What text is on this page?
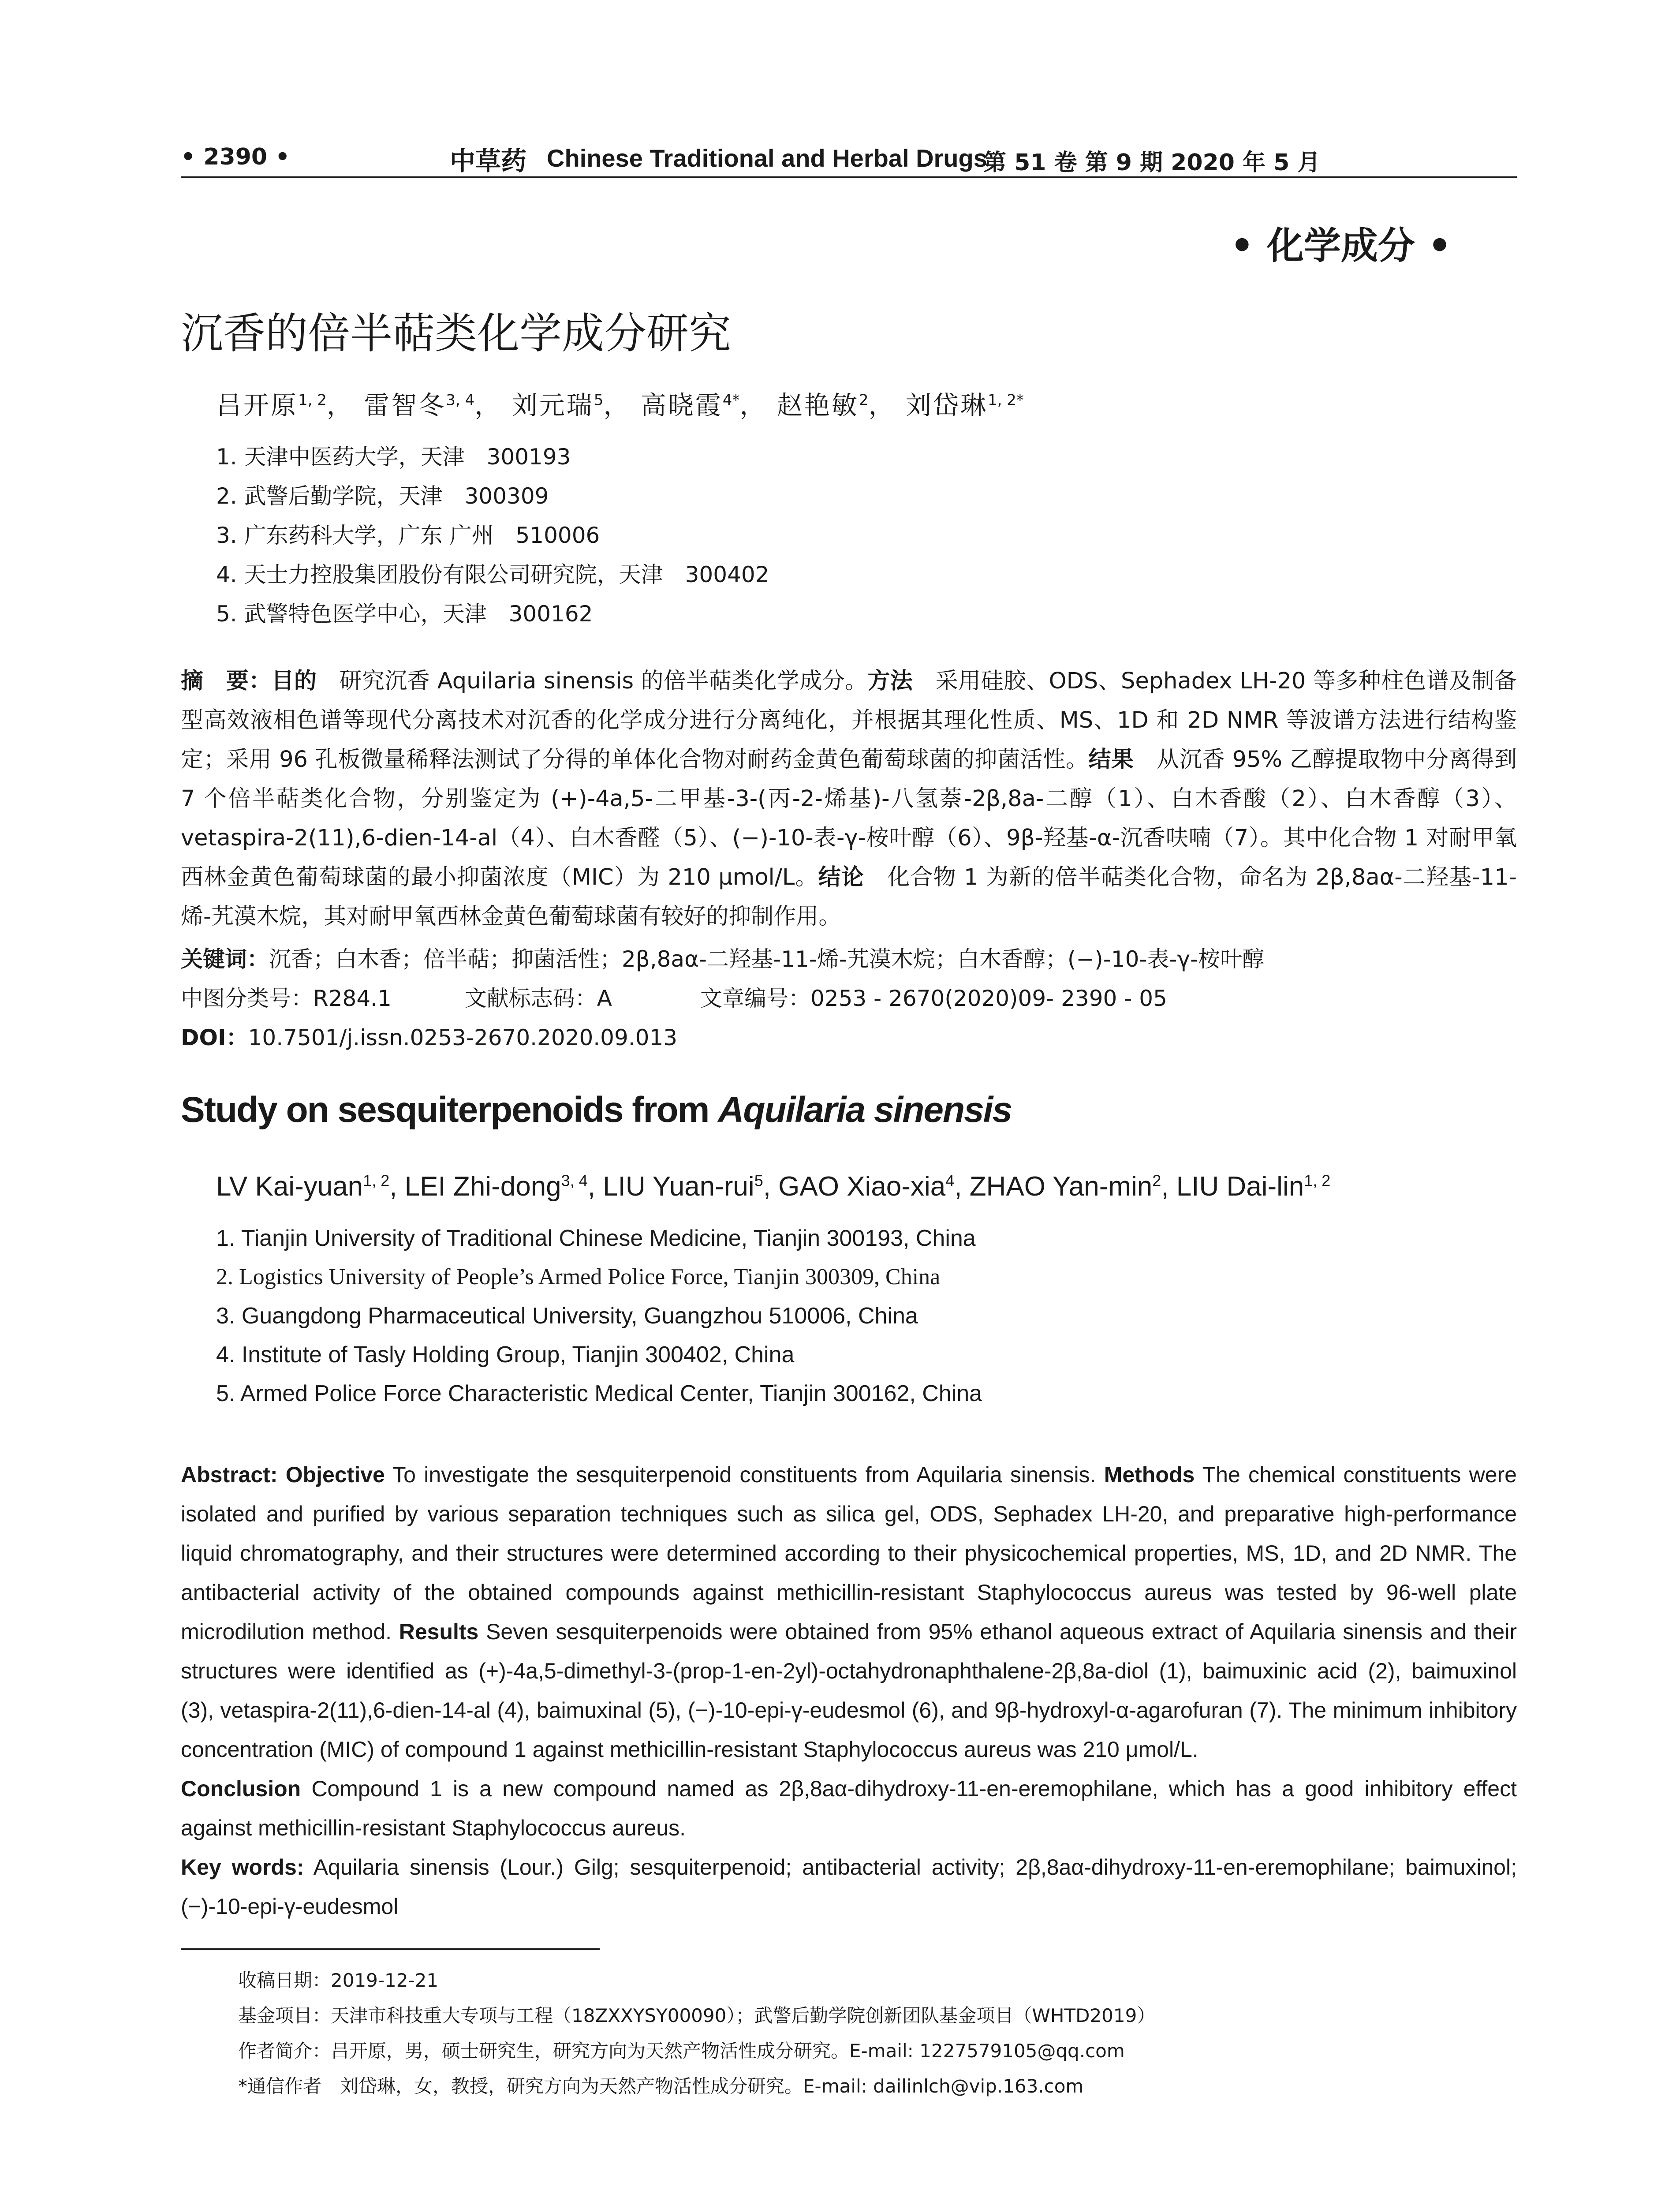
• 2390 •	中草药 Chinese Traditional and Herbal Drugs
第 51 卷 第 9 期 2020 年 5 月
• 化学成分 •
沉香的倍半萜类化学成分研究
吕开原$^{1, 2}$， 雷智冬$^{3, 4}$， 刘元瑞$^5$， 高晓霞$^{4*}$， 赵艳敏$^2$， 刘岱琳$^{1, 2*}$
1. 天津中医药大学，天津　300193
2. 武警后勤学院，天津　300309
3. 广东药科大学，广东 广州　510006
4. 天士力控股集团股份有限公司研究院，天津　300402
5. 武警特色医学中心，天津　300162
摘　要：目的　研究沉香 Aquilaria sinensis 的倍半萜类化学成分。方法　采用硅胶、ODS、Sephadex LH-20 等多种柱色谱及制备型高效液相色谱等现代分离技术对沉香的化学成分进行分离纯化，并根据其理化性质、MS、1D 和 2D NMR 等波谱方法进行结构鉴定；采用 96 孔板微量稀释法测试了分得的单体化合物对耐药金黄色葡萄球菌的抑菌活性。结果　从沉香 95% 乙醇提取物中分离得到 7 个倍半萜类化合物，分别鉴定为 (+)-4a,5-二甲基-3-(丙-2-烯基)-八氢萘-2β,8a-二醇（1）、白木香酸（2）、白木香醇（3）、vetaspira-2(11),6-dien-14-al（4）、白木香醛（5）、(−)-10-表-γ-桉叶醇（6）、9β-羟基-α-沉香呋喃（7）。其中化合物 1 对耐甲氧西林金黄色葡萄球菌的最小抑菌浓度（MIC）为 210 μmol/L。结论　化合物 1 为新的倍半萜类化合物，命名为 2β,8aα-二羟基-11-烯-艽漠木烷，其对耐甲氧西林金黄色葡萄球菌有较好的抑制作用。
关键词：沉香；白木香；倍半萜；抑菌活性；2β,8aα-二羟基-11-烯-艽漠木烷；白木香醇；(−)-10-表-γ-桉叶醇
中图分类号：R284.1　　　 文献标志码：A　　　　文章编号：0253 - 2670(2020)09- 2390 - 05
DOI：10.7501/j.issn.0253-2670.2020.09.013
Study on sesquiterpenoids from Aquilaria sinensis
LV Kai-yuan$^{1, 2}$, LEI Zhi-dong$^{3, 4}$, LIU Yuan-rui$^5$, GAO Xiao-xia$^4$, ZHAO Yan-$\min^2$, LIU Dai-lin$^{1, 2}$
1. Tianjin University of Traditional Chinese Medicine, Tianjin 300193, China
2. Logistics University of People’s Armed Police Force, Tianjin 300309, China
3. Guangdong Pharmaceutical University, Guangzhou 510006, China
4. Institute of Tasly Holding Group, Tianjin 300402, China
5. Armed Police Force Characteristic Medical Center, Tianjin 300162, China
Abstract: Objective To investigate the sesquiterpenoid constituents from Aquilaria sinensis. Methods The chemical constituents were isolated and purified by various separation techniques such as silica gel, ODS, Sephadex LH-20, and preparative high-performance liquid chromatography, and their structures were determined according to their physicochemical properties, MS, 1D, and 2D NMR. The antibacterial activity of the obtained compounds against methicillin-resistant Staphylococcus aureus was tested by 96-well plate microdilution method. Results Seven sesquiterpenoids were obtained from 95% ethanol aqueous extract of Aquilaria sinensis and their structures were identified as (+)-4a,5-dimethyl-3-(prop-1-en-2yl)-octahydronaphthalene-2β,8a-diol (1), baimuxinic acid (2), baimuxinol (3), vetaspira-2(11),6-dien-14-al (4), baimuxinal (5), (−)-10-epi-γ-eudesmol (6), and 9β-hydroxyl-α-agarofuran (7). The minimum inhibitory concentration (MIC) of compound 1 against methicillin-resistant Staphylococcus aureus was 210 μmol/L.
Conclusion Compound 1 is a new compound named as 2β,8aα-dihydroxy-11-en-eremophilane, which has a good inhibitory effect against methicillin-resistant Staphylococcus aureus.
Key words: Aquilaria sinensis (Lour.) Gilg; sesquiterpenoid; antibacterial activity; 2β,8aα-dihydroxy-11-en-eremophilane; baimuxinol; (−)-10-epi-γ-eudesmol
收稿日期：2019-12-21
基金项目：天津市科技重大专项与工程（18ZXXYSY00090）；武警后勤学院创新团队基金项目（WHTD2019）
作者简介：吕开原，男，硕士研究生，研究方向为天然产物活性成分研究。E-mail: 1227579105@qq.com
*通信作者　刘岱琳，女，教授，研究方向为天然产物活性成分研究。E-mail: dailinlch@vip.163.com
